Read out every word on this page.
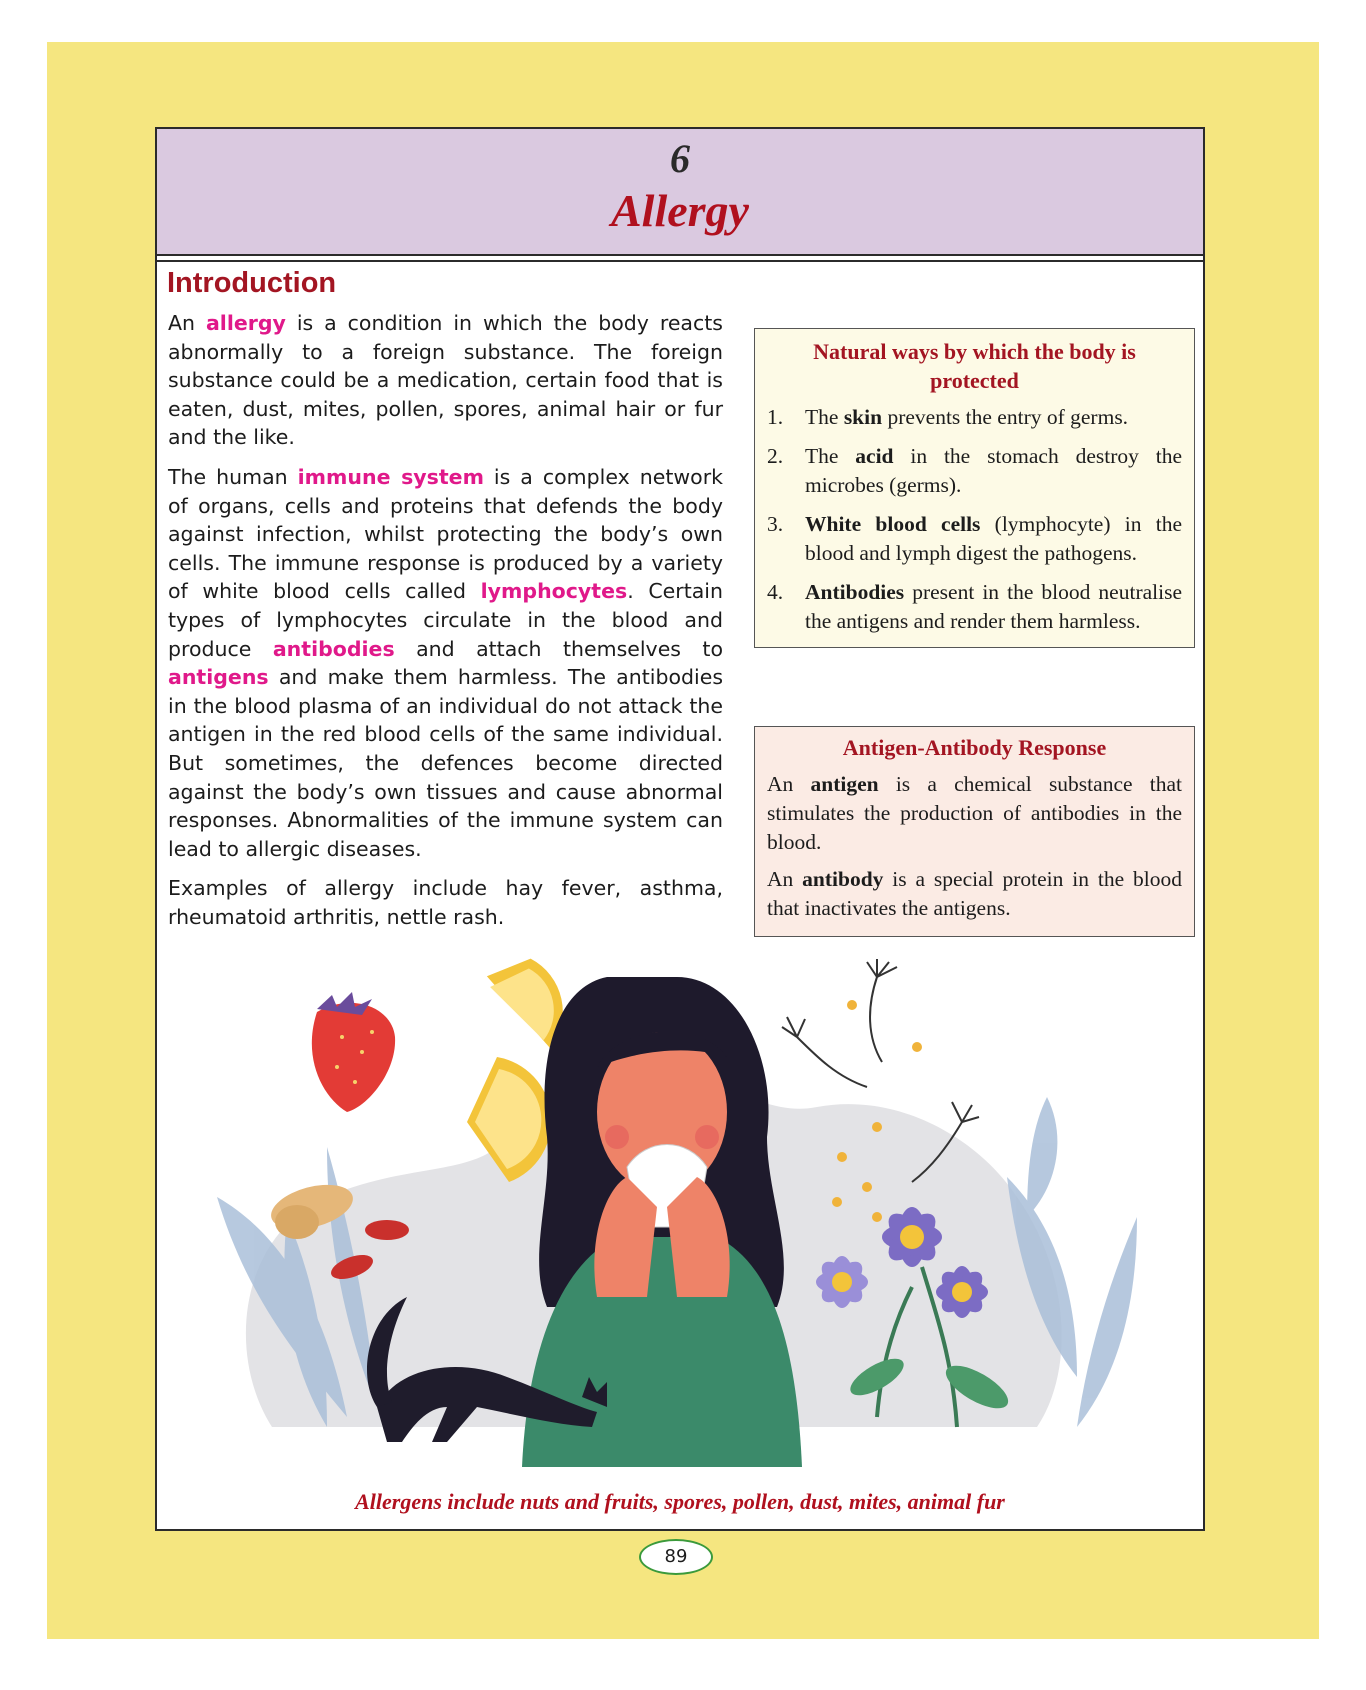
6
Allergy
Introduction

An allergy is a condition in which the body reacts abnormally to a foreign substance. The foreign substance could be a medication, certain food that is eaten, dust, mites, pollen, spores, animal hair or fur and the like.

The human immune system is a complex network of organs, cells and proteins that defends the body against infection, whilst protecting the body’s own cells. The immune response is produced by a variety of white blood cells called lymphocytes. Certain types of lymphocytes circulate in the blood and produce antibodies and attach themselves to antigens and make them harmless. The antibodies in the blood plasma of an individual do not attack the antigen in the red blood cells of the same individual. But sometimes, the defences become directed against the body’s own tissues and cause abnormal responses. Abnormalities of the immune system can lead to allergic diseases.

Examples of allergy include hay fever, asthma, rheumatoid arthritis, nettle rash.

Natural ways by which the body is protected
1.	The skin prevents the entry of germs.
2.	The acid in the stomach destroy the microbes (germs).
3.	White blood cells (lymphocyte) in the blood and lymph digest the pathogens.
4.	Antibodies present in the blood neutralise the antigens and render them harmless.
Antigen-Antibody Response

An antigen is a chemical substance that stimulates the production of antibodies in the blood.

An antibody is a special protein in the blood that inactivates the antigens.

Allergens include nuts and fruits, spores, pollen, dust, mites, animal fur
89
